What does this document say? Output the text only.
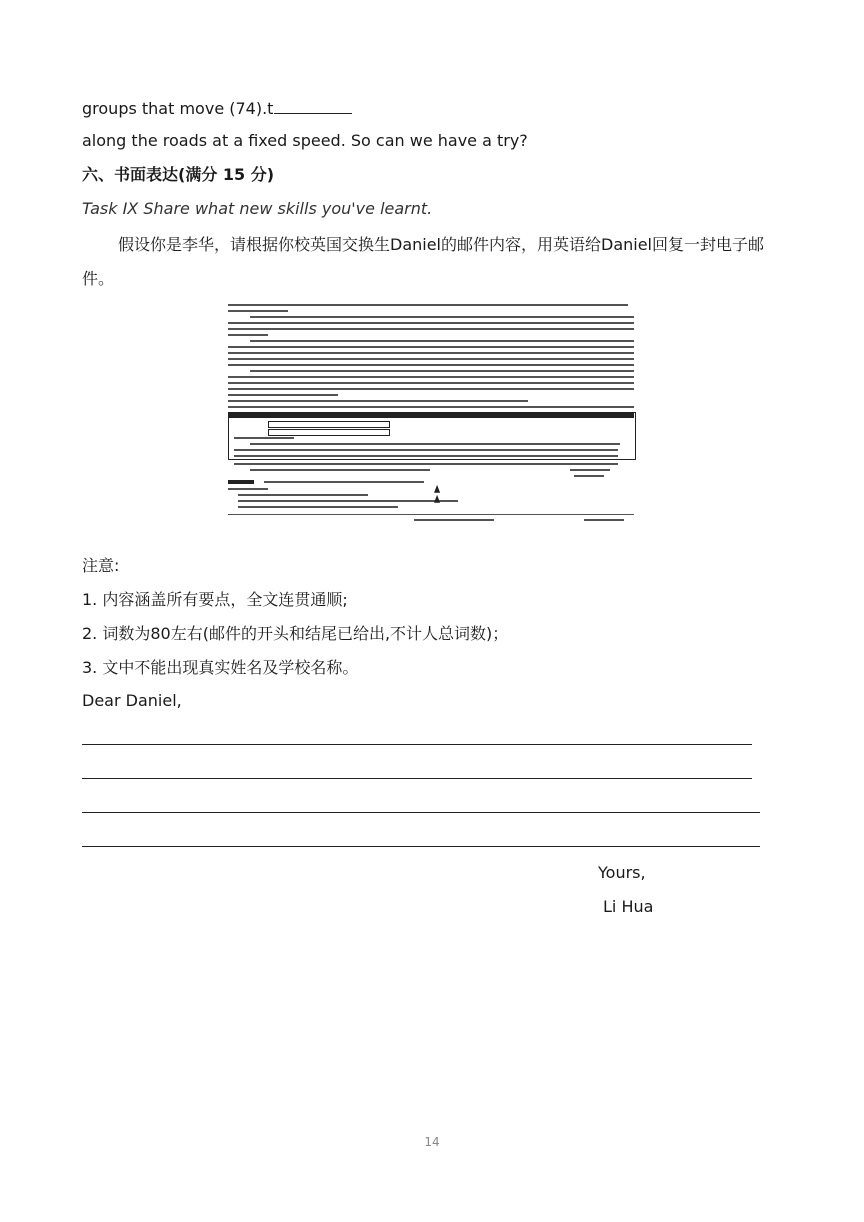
groups that move (74).t
along the roads at a fixed speed. So can we have a try?
六、书面表达(满分 15 分)
Task IX Share what new skills you've learnt.
假设你是李华，请根据你校英国交换生Daniel的邮件内容，用英语给Daniel回复一封电子邮件。
▲
▲
注意:
1. 内容涵盖所有要点，全文连贯通顺;
2. 词数为80左右(邮件的开头和结尾已给出,不计人总词数)；
3. 文中不能出现真实姓名及学校名称。
Dear Daniel,
Yours,
Li Hua
14
